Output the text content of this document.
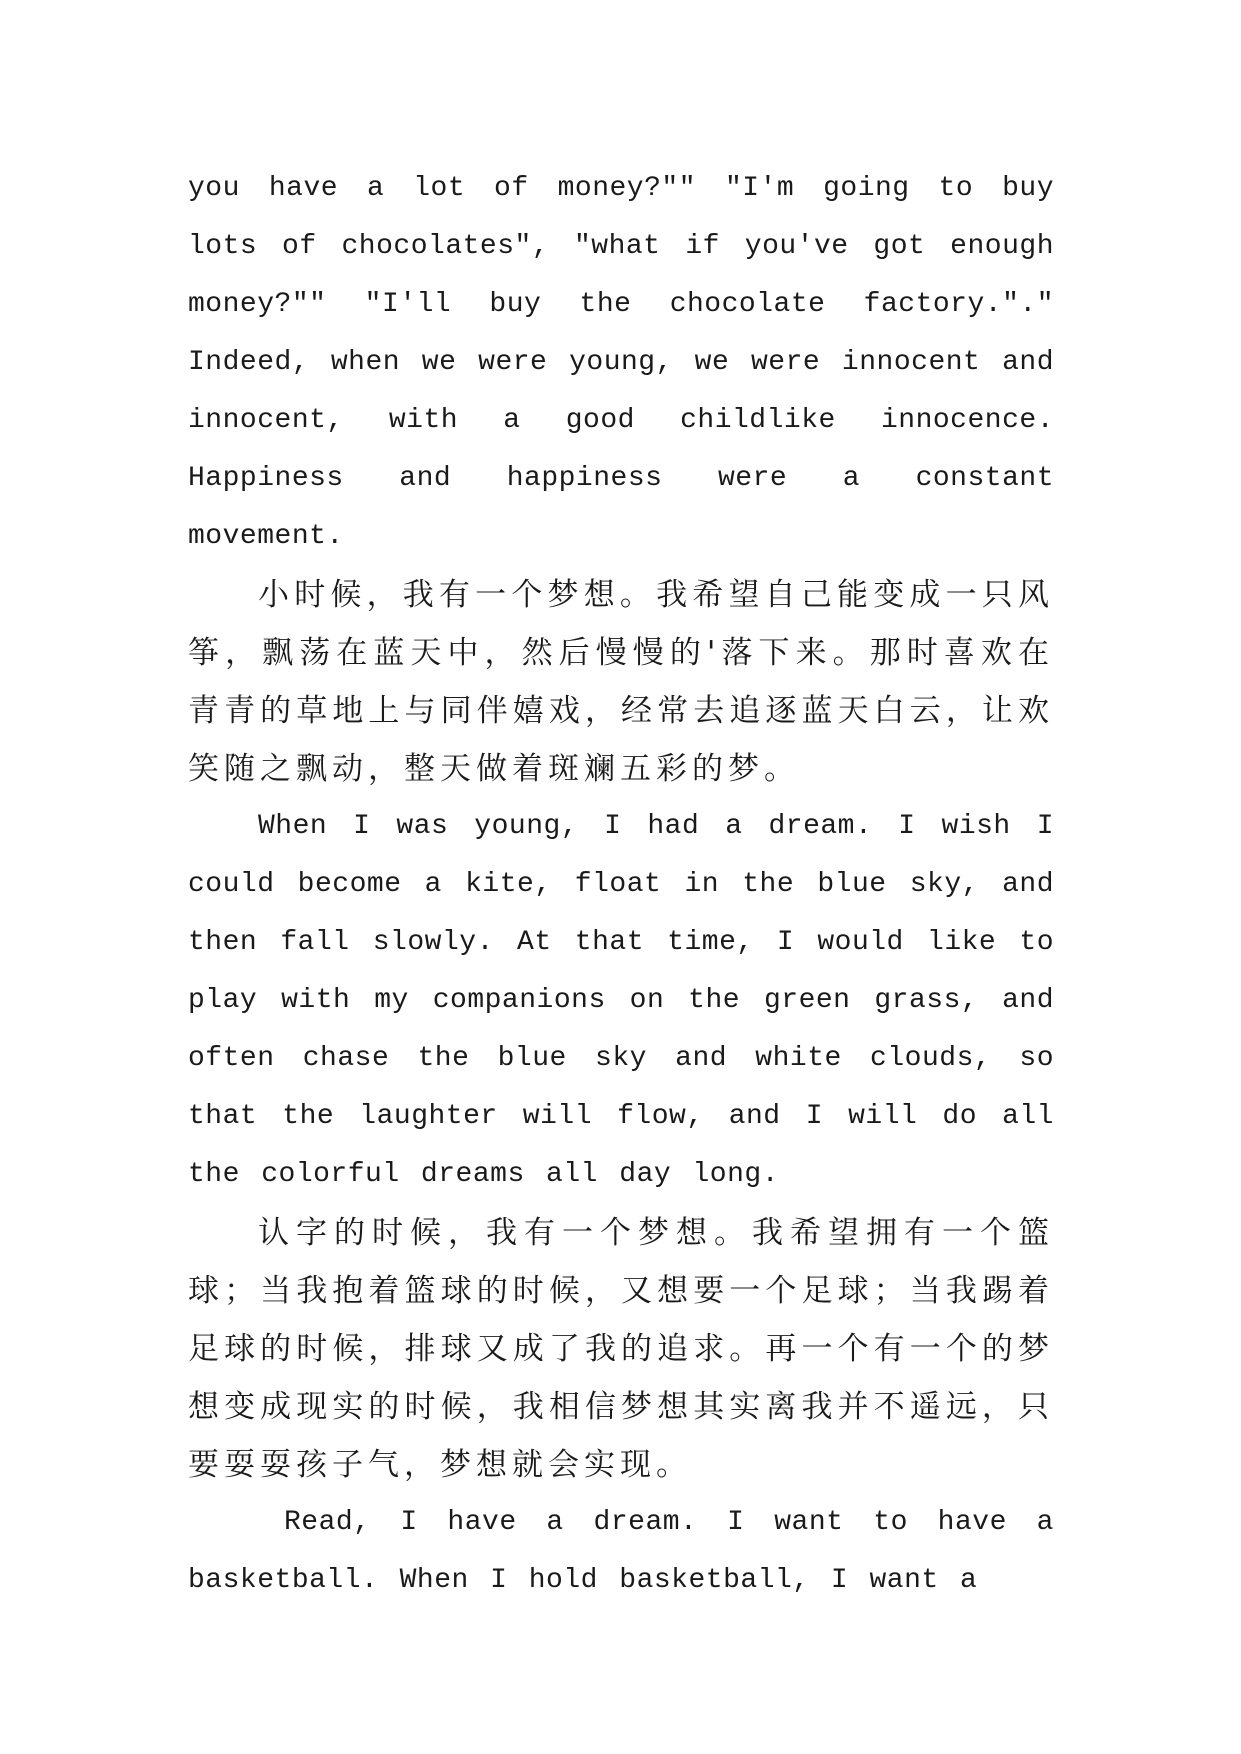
you have a lot of money?"" "I'm going to buy lots of chocolates", "what if you've got enough money?"" "I'll buy the chocolate factory."." Indeed, when we were young, we were innocent and innocent, with a good childlike innocence. Happiness and happiness were a constant movement.

小时候，我有一个梦想。我希望自己能变成一只风筝，飘荡在蓝天中，然后慢慢的'落下来。那时喜欢在青青的草地上与同伴嬉戏，经常去追逐蓝天白云，让欢笑随之飘动，整天做着斑斓五彩的梦。

When I was young, I had a dream. I wish I could become a kite, float in the blue sky, and then fall slowly. At that time, I would like to play with my companions on the green grass, and often chase the blue sky and white clouds, so that the laughter will flow, and I will do all the colorful dreams all day long.

认字的时候，我有一个梦想。我希望拥有一个篮球；当我抱着篮球的时候，又想要一个足球；当我踢着足球的时候，排球又成了我的追求。再一个有一个的梦想变成现实的时候，我相信梦想其实离我并不遥远，只要耍耍孩子气，梦想就会实现。

Read, I have a dream. I want to have a basketball. When I hold basketball, I want a
